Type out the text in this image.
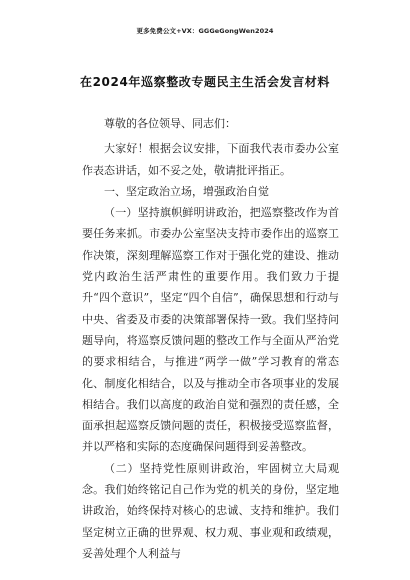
更多免费公文+VX：GGGeGongWen2024
在2024年巡察整改专题民主生活会发言材料

尊敬的各位领导、同志们：

大家好！根据会议安排，下面我代表市委办公室作表态讲话，如不妥之处，敬请批评指正。

一、坚定政治立场，增强政治自觉

（一）坚持旗帜鲜明讲政治，把巡察整改作为首要任务来抓。市委办公室坚决支持市委作出的巡察工作决策，深刻理解巡察工作对于强化党的建设、推动党内政治生活严肃性的重要作用。我们致力于提升“四个意识”，坚定“四个自信”，确保思想和行动与中央、省委及市委的决策部署保持一致。我们坚持问题导向，将巡察反馈问题的整改工作与全面从严治党的要求相结合，与推进“两学一做”学习教育的常态化、制度化相结合，以及与推动全市各项事业的发展相结合。我们以高度的政治自觉和强烈的责任感，全面承担起巡察反馈问题的责任，积极接受巡察监督，并以严格和实际的态度确保问题得到妥善整改。

（二）坚持党性原则讲政治，牢固树立大局观念。我们始终铭记自己作为党的机关的身份，坚定地讲政治，始终保持对核心的忠诚、支持和维护。我们坚定树立正确的世界观、权力观、事业观和政绩观，妥善处理个人利益与
